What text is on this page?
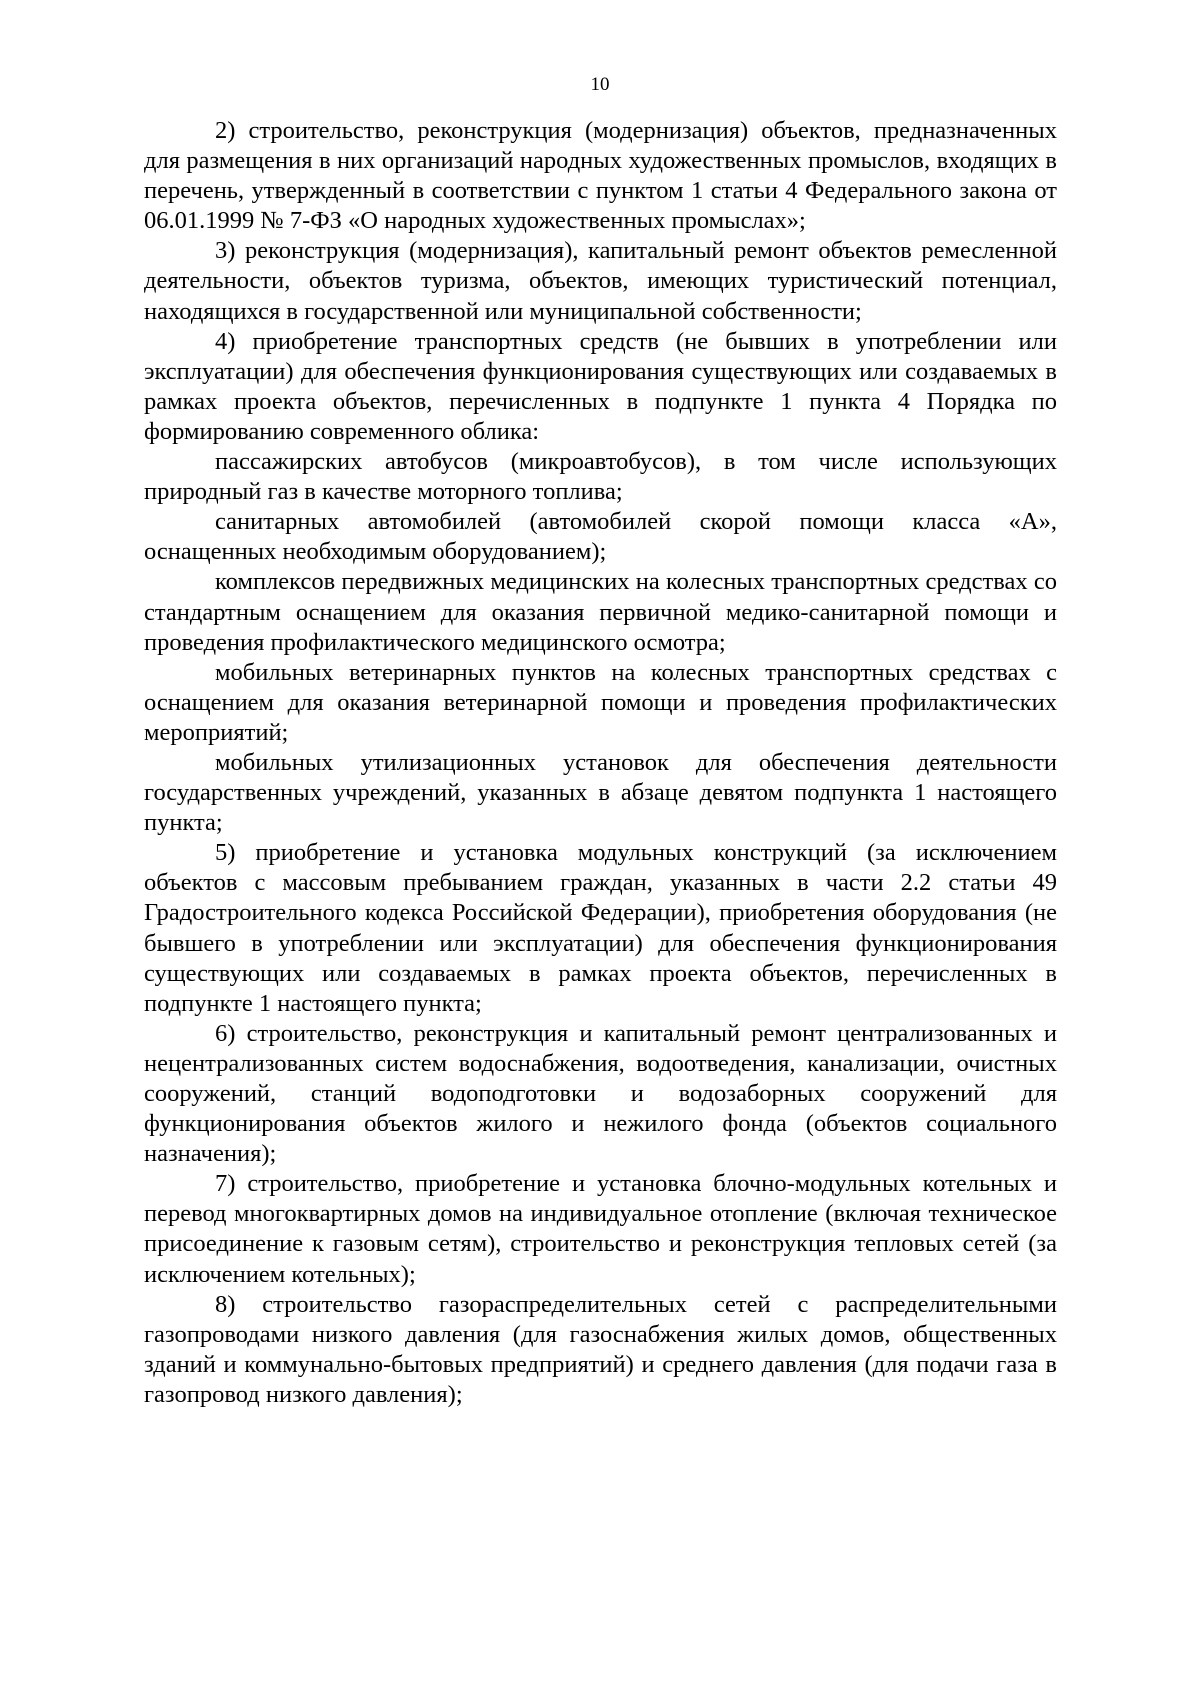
10

2) строительство, реконструкция (модернизация) объектов, предназначенных для размещения в них организаций народных художественных промыслов, входящих в перечень, утвержденный в соответствии с пунктом 1 статьи 4 Федерального закона от 06.01.1999 № 7-ФЗ «О народных художественных промыслах»;

3) реконструкция (модернизация), капитальный ремонт объектов ремесленной деятельности, объектов туризма, объектов, имеющих туристический потенциал, находящихся в государственной или муниципальной собственности;

4) приобретение транспортных средств (не бывших в употреблении или эксплуатации) для обеспечения функционирования существующих или создаваемых в рамках проекта объектов, перечисленных в подпункте 1 пункта 4 Порядка по формированию современного облика:

пассажирских автобусов (микроавтобусов), в том числе использующих природный газ в качестве моторного топлива;

санитарных автомобилей (автомобилей скорой помощи класса «А», оснащенных необходимым оборудованием);

комплексов передвижных медицинских на колесных транспортных средствах со стандартным оснащением для оказания первичной медико-санитарной помощи и проведения профилактического медицинского осмотра;

мобильных ветеринарных пунктов на колесных транспортных средствах с оснащением для оказания ветеринарной помощи и проведения профилактических мероприятий;

мобильных утилизационных установок для обеспечения деятельности государственных учреждений, указанных в абзаце девятом подпункта 1 настоящего пункта;

5) приобретение и установка модульных конструкций (за исключением объектов с массовым пребыванием граждан, указанных в части 2.2 статьи 49 Градостроительного кодекса Российской Федерации), приобретения оборудования (не бывшего в употреблении или эксплуатации) для обеспечения функционирования существующих или создаваемых в рамках проекта объектов, перечисленных в подпункте 1 настоящего пункта;

6) строительство, реконструкция и капитальный ремонт централизованных и нецентрализованных систем водоснабжения, водоотведения, канализации, очистных сооружений, станций водоподготовки и водозаборных сооружений для функционирования объектов жилого и нежилого фонда (объектов социального назначения);

7) строительство, приобретение и установка блочно-модульных котельных и перевод многоквартирных домов на индивидуальное отопление (включая техническое присоединение к газовым сетям), строительство и реконструкция тепловых сетей (за исключением котельных);

8) строительство газораспределительных сетей с распределительными газопроводами низкого давления (для газоснабжения жилых домов, общественных зданий и коммунально-бытовых предприятий) и среднего давления (для подачи газа в газопровод низкого давления);
